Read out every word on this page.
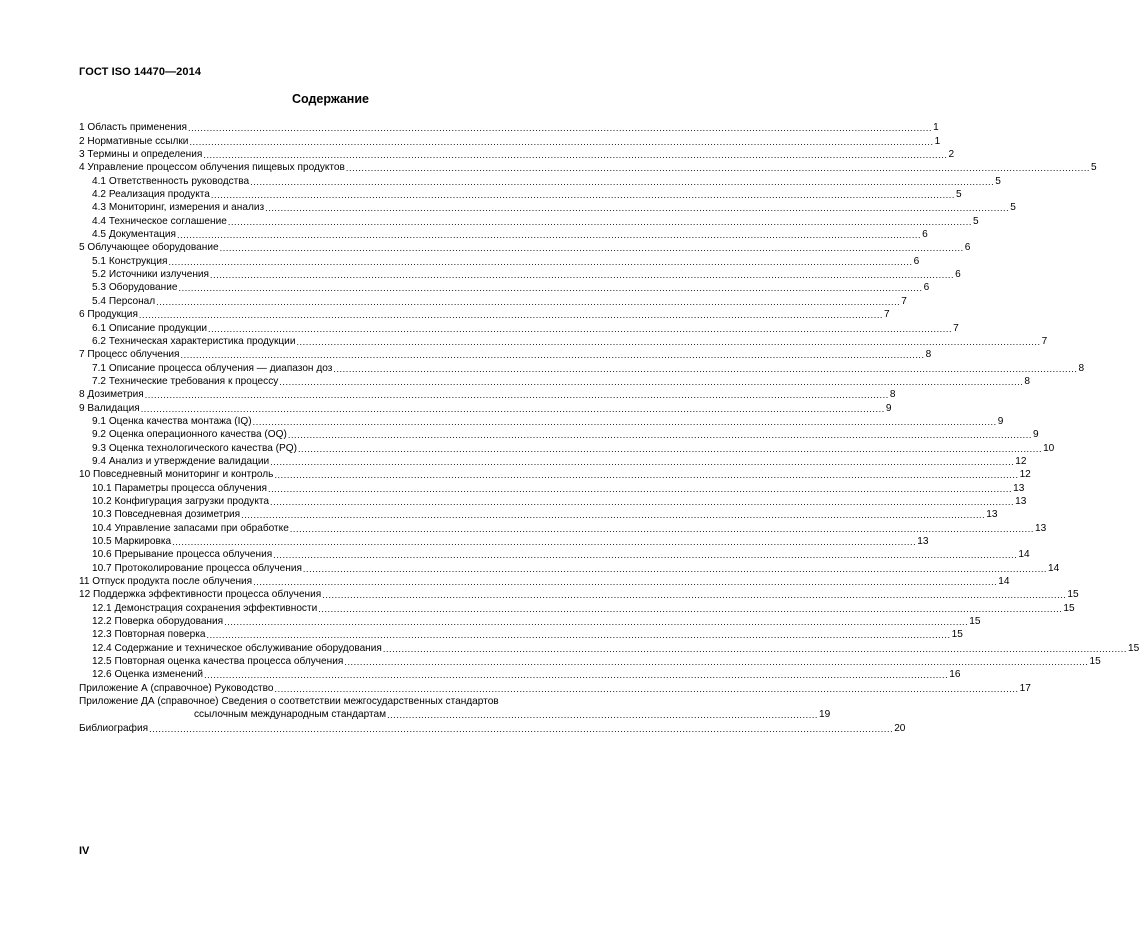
ГОСТ ISO 14470—2014
Содержание
1 Область применения .....	1
2 Нормативные ссылки .....	1
3 Термины и определения .....	2
4 Управление процессом облучения пищевых продуктов .....	5
4.1 Ответственность руководства .....	5
4.2 Реализация продукта .....	5
4.3 Мониторинг, измерения и анализ .....	5
4.4 Техническое соглашение .....	5
4.5 Документация .....	6
5 Облучающее оборудование .....	6
5.1 Конструкция .....	6
5.2 Источники излучения .....	6
5.3 Оборудование .....	6
5.4 Персонал .....	7
6 Продукция .....	7
6.1 Описание продукции .....	7
6.2 Техническая характеристика продукции .....	7
7 Процесс облучения .....	8
7.1 Описание процесса облучения — диапазон доз .....	8
7.2 Технические требования к процессу .....	8
8 Дозиметрия .....	8
9 Валидация .....	9
9.1 Оценка качества монтажа (IQ) .....	9
9.2 Оценка операционного качества (OQ) .....	9
9.3 Оценка технологического качества (PQ) .....	10
9.4 Анализ и утверждение валидации .....	12
10 Повседневный мониторинг и контроль .....	12
10.1 Параметры процесса облучения .....	13
10.2 Конфигурация загрузки продукта .....	13
10.3 Повседневная дозиметрия .....	13
10.4 Управление запасами при обработке .....	13
10.5 Маркировка .....	13
10.6 Прерывание процесса облучения .....	14
10.7 Протоколирование процесса облучения .....	14
11 Отпуск продукта после облучения .....	14
12 Поддержка эффективности процесса облучения .....	15
12.1 Демонстрация сохранения эффективности .....	15
12.2 Поверка оборудования .....	15
12.3 Повторная поверка .....	15
12.4 Содержание и техническое обслуживание оборудования .....	15
12.5 Повторная оценка качества процесса облучения .....	15
12.6 Оценка изменений .....	16
Приложение А (справочное) Руководство .....	17
Приложение ДА (справочное) Сведения о соответствии межгосударственных стандартов
ссылочным международным стандартам ........................................................................................................................................... 19
Библиография .....	20
IV
